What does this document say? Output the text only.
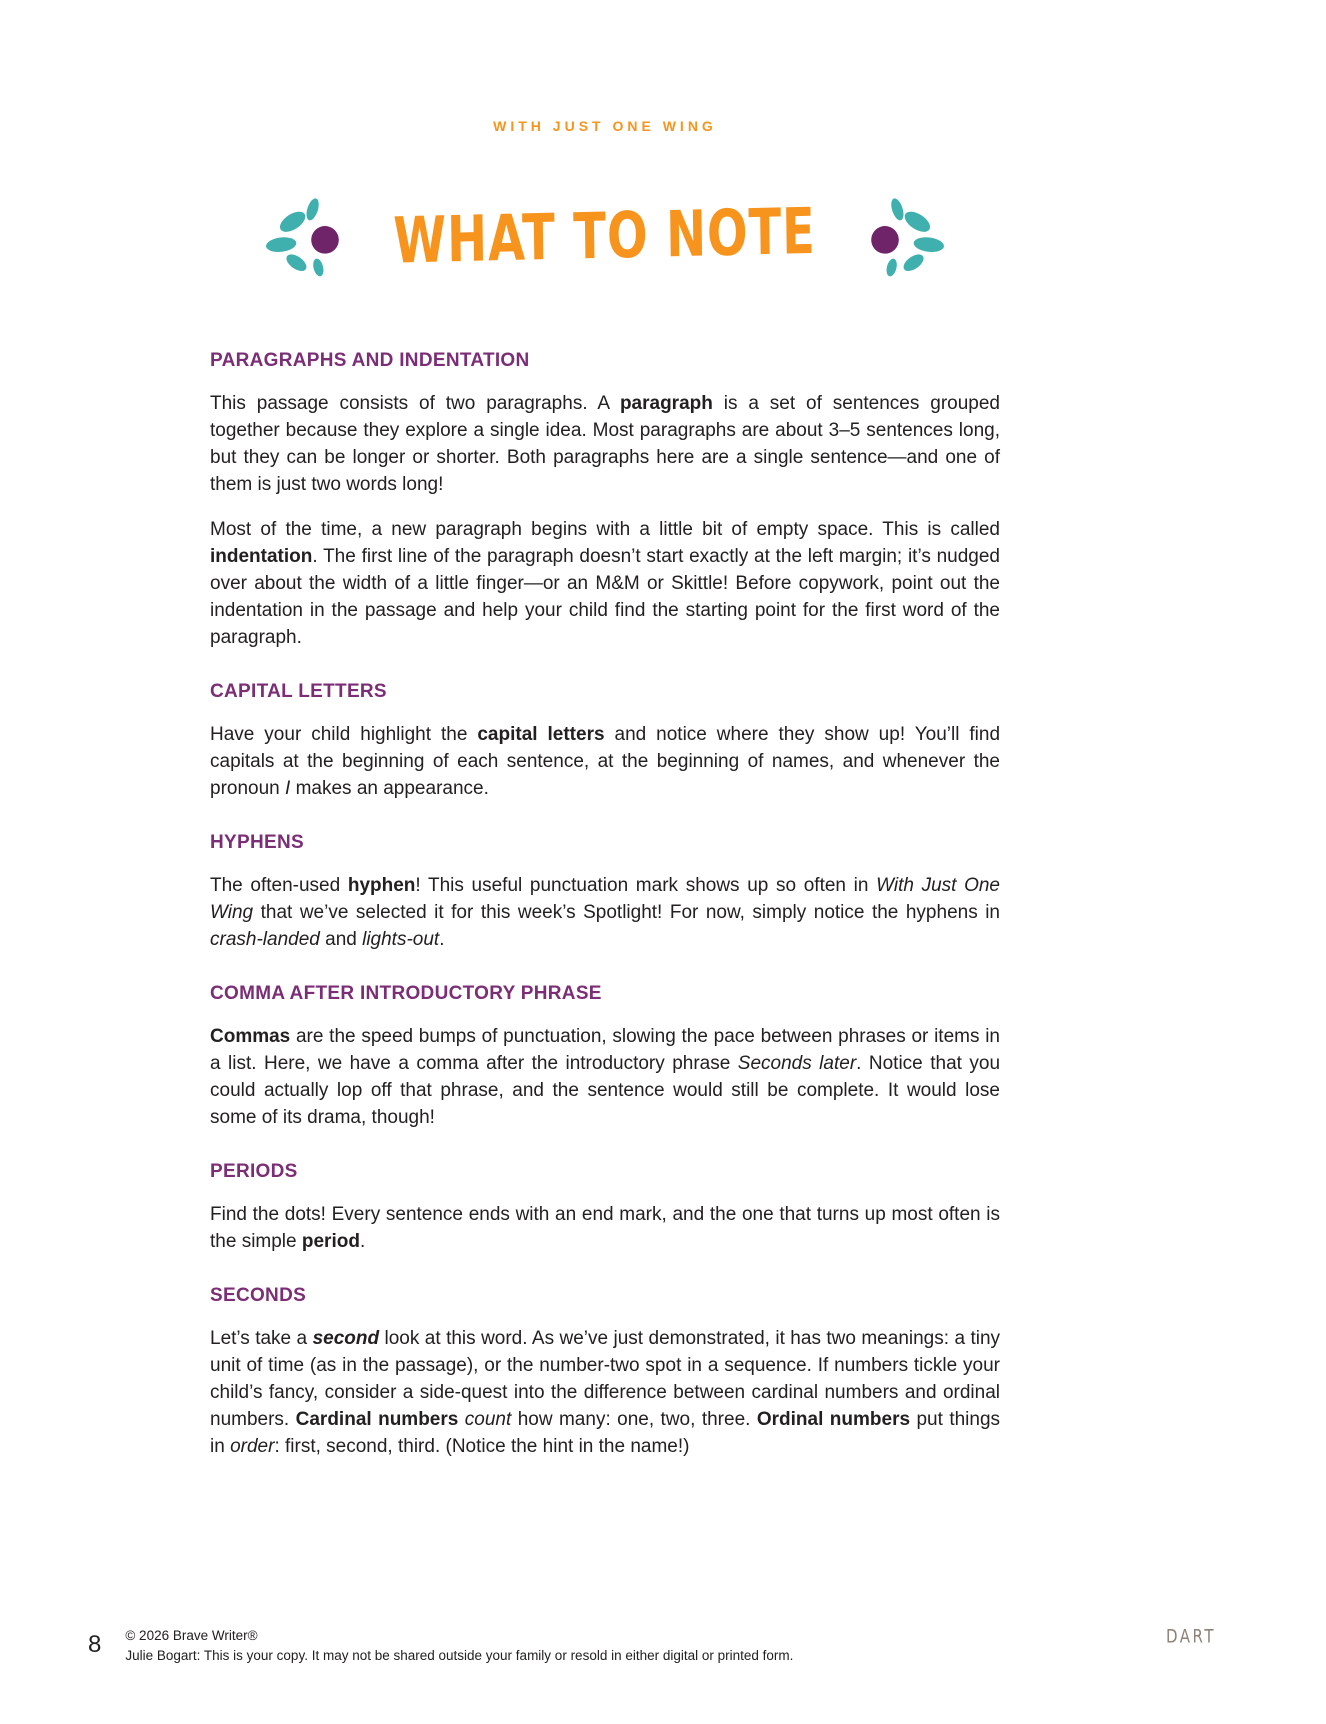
WITH JUST ONE WING
WHAT TO NOTE
PARAGRAPHS AND INDENTATION

This passage consists of two paragraphs. A paragraph is a set of sentences grouped together because they explore a single idea. Most paragraphs are about 3–5 sentences long, but they can be longer or shorter. Both paragraphs here are a single sentence—and one of them is just two words long!

Most of the time, a new paragraph begins with a little bit of empty space. This is called indentation. The first line of the paragraph doesn’t start exactly at the left margin; it’s nudged over about the width of a little finger—or an M&M or Skittle! Before copywork, point out the indentation in the passage and help your child find the starting point for the first word of the paragraph.

CAPITAL LETTERS

Have your child highlight the capital letters and notice where they show up! You’ll find capitals at the beginning of each sentence, at the beginning of names, and whenever the pronoun I makes an appearance.

HYPHENS

The often-used hyphen! This useful punctuation mark shows up so often in With Just One Wing that we’ve selected it for this week’s Spotlight! For now, simply notice the hyphens in crash-landed and lights-out.

COMMA AFTER INTRODUCTORY PHRASE

Commas are the speed bumps of punctuation, slowing the pace between phrases or items in a list. Here, we have a comma after the introductory phrase Seconds later. Notice that you could actually lop off that phrase, and the sentence would still be complete. It would lose some of its drama, though!

PERIODS

Find the dots! Every sentence ends with an end mark, and the one that turns up most often is the simple period.

SECONDS

Let’s take a second look at this word. As we’ve just demonstrated, it has two meanings: a tiny unit of time (as in the passage), or the number-two spot in a sequence. If numbers tickle your child’s fancy, consider a side-quest into the difference between cardinal numbers and ordinal numbers. Cardinal numbers count how many: one, two, three. Ordinal numbers put things in order: first, second, third. (Notice the hint in the name!)

8 © 2026 Brave Writer®
Julie Bogart: This is your copy. It may not be shared outside your family or resold in either digital or printed form.
DART
